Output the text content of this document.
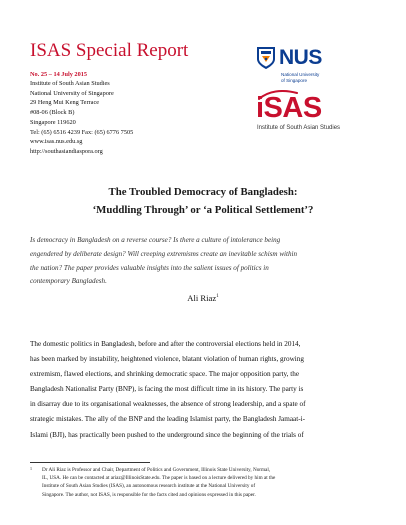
ISAS Special Report
No. 25 – 14 July 2015
Institute of South Asian Studies
National University of Singapore
29 Heng Mui Keng Terrace
#08-06 (Block B)
Singapore 119620
Tel: (65) 6516 4239 Fax: (65) 6776 7505
www.isas.nus.edu.sg
http://southasiandiaspora.org
NUS
National University
of Singapore
iSAS
Institute of South Asian Studies
The Troubled Democracy of Bangladesh:
‘Muddling Through’ or ‘a Political Settlement’?
Is democracy in Bangladesh on a reverse course? Is there a culture of intolerance being
engendered by deliberate design? Will creeping extremisms create an inevitable schism within
the nation? The paper provides valuable insights into the salient issues of politics in
contemporary Bangladesh.
Ali Riaz$^1$
The domestic politics in Bangladesh, before and after the controversial elections held in 2014,
has been marked by instability, heightened violence, blatant violation of human rights, growing
extremism, flawed elections, and shrinking democratic space. The major opposition party, the
Bangladesh Nationalist Party (BNP), is facing the most difficult time in its history. The party is
in disarray due to its organisational weaknesses, the absence of strong leadership, and a spate of
strategic mistakes. The ally of the BNP and the leading Islamist party, the Bangladesh Jamaat-i-
Islami (BJI), has practically been pushed to the underground since the beginning of the trials of
1 Dr Ali Riaz is Professor and Chair, Department of Politics and Government, Illinois State University, Normal,
IL, USA. He can be contacted at ariaz@IllinoisState.edu. The paper is based on a lecture delivered by him at the
Institute of South Asian Studies (ISAS), an autonomous research institute at the National University of
Singapore. The author, not ISAS, is responsible for the facts cited and opinions expressed in this paper.
